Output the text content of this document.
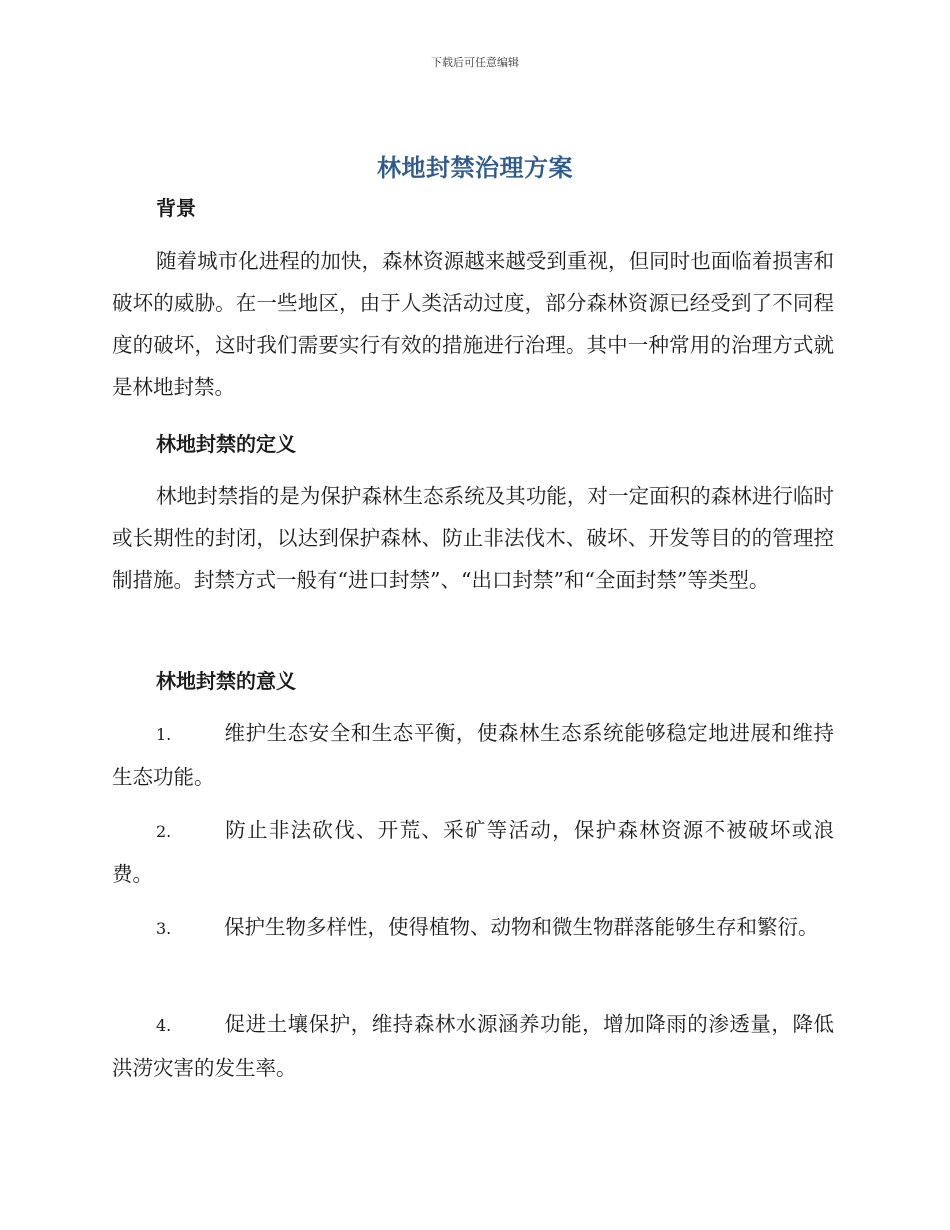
下载后可任意编辑
林地封禁治理方案
背景

随着城市化进程的加快，森林资源越来越受到重视，但同时也面临着损害和破坏的威胁。在一些地区，由于人类活动过度，部分森林资源已经受到了不同程度的破坏，这时我们需要实行有效的措施进行治理。其中一种常用的治理方式就是林地封禁。

林地封禁的定义

林地封禁指的是为保护森林生态系统及其功能，对一定面积的森林进行临时或长期性的封闭，以达到保护森林、防止非法伐木、破坏、开发等目的的管理控制措施。封禁方式一般有“进口封禁”、“出口封禁”和“全面封禁”等类型。

林地封禁的意义

1.	维护生态安全和生态平衡，使森林生态系统能够稳定地进展和维持生态功能。

2.	防止非法砍伐、开荒、采矿等活动，保护森林资源不被破坏或浪费。

3.	保护生物多样性，使得植物、动物和微生物群落能够生存和繁衍。

4.	促进土壤保护，维持森林水源涵养功能，增加降雨的渗透量，降低洪涝灾害的发生率。
